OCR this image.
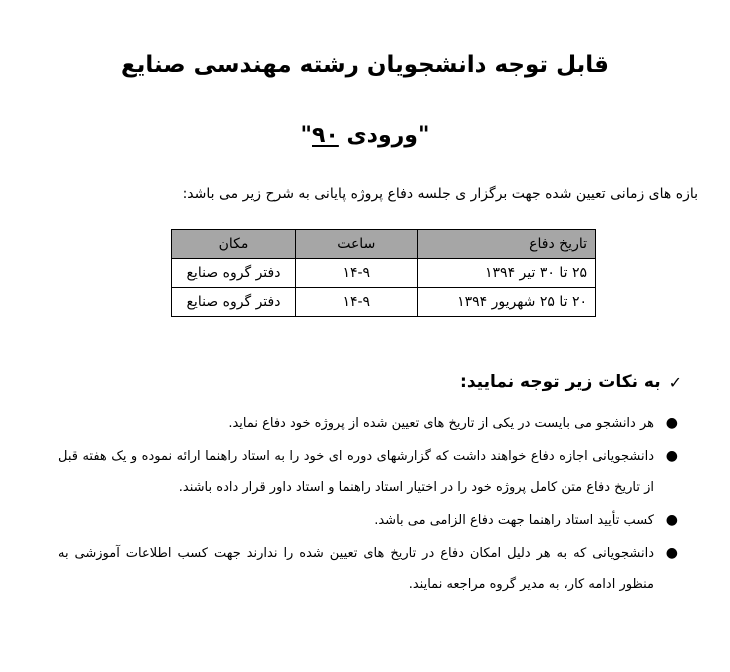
قابل توجه دانشجویان رشته مهندسی صنایع
"ورودی ۹۰"

بازه های زمانی تعیین شده جهت برگزار ی جلسه دفاع پروژه پایانی به شرح زیر می باشد:

تاریخ دفاع	ساعت	مکان
۲۵ تا ۳۰ تیر ۱۳۹۴	۱۴-۹	دفتر گروه صنایع
۲۰ تا ۲۵ شهریور ۱۳۹۴	۱۴-۹	دفتر گروه صنایع
✓
به نکات زیر توجه نمایید:
●
هر دانشجو می بایست در یکی از تاریخ های تعیین شده از پروژه خود دفاع نماید.
●
دانشجویانی اجازه دفاع خواهند داشت که گزارشهای دوره ای خود را به استاد راهنما ارائه نموده و یک هفته قبل از تاریخ دفاع متن کامل پروژه خود را در اختیار استاد راهنما و استاد داور قرار داده باشند.
●
کسب تأیید استاد راهنما جهت دفاع الزامی می باشد.
●
دانشجویانی که به هر دلیل امکان دفاع در تاریخ های تعیین شده را ندارند جهت کسب اطلاعات آموزشی به منظور ادامه کار، به مدیر گروه مراجعه نمایند.
